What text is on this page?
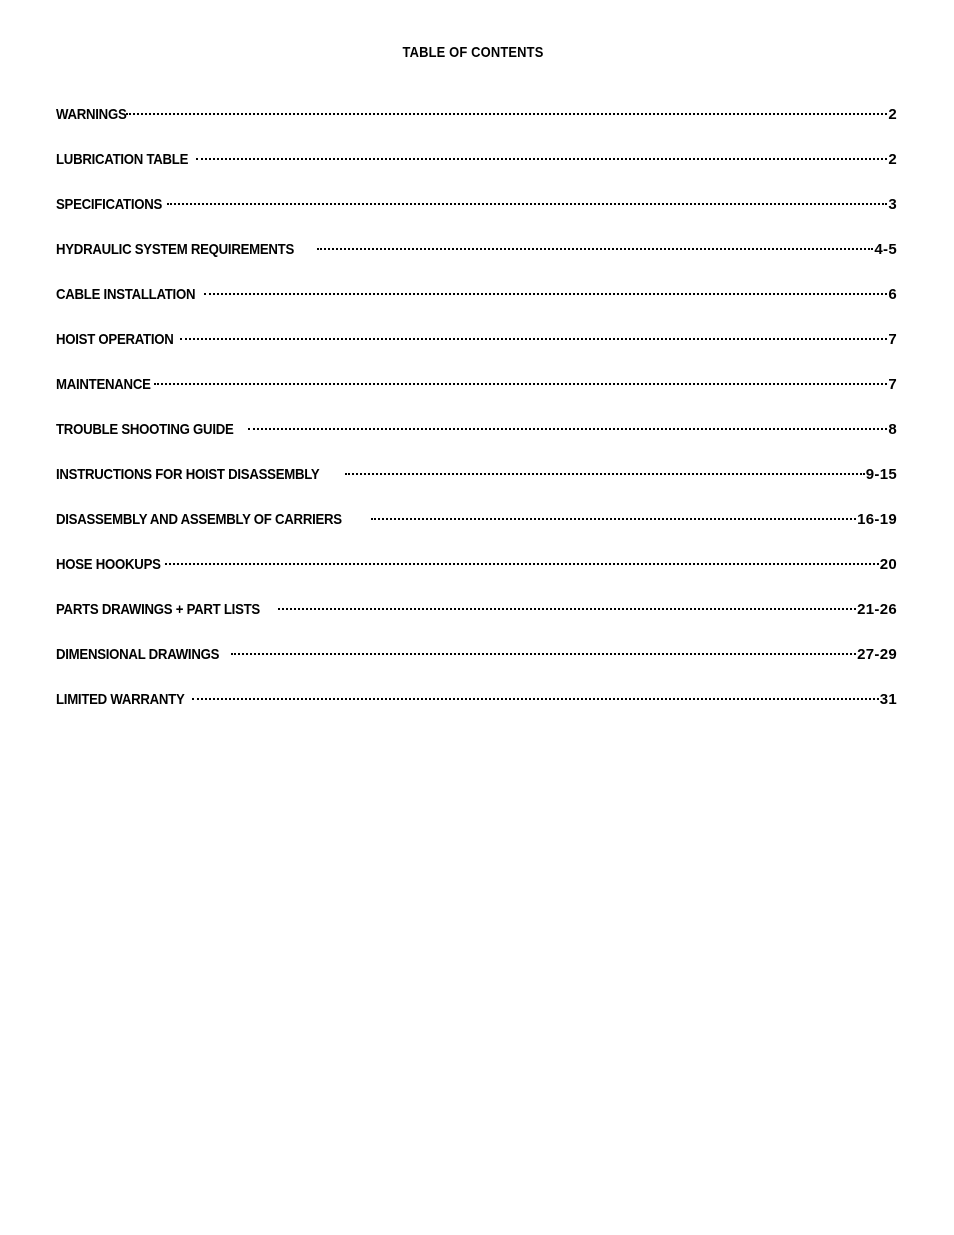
TABLE OF CONTENTS
WARNINGS	2
LUBRICATION TABLE	2
SPECIFICATIONS	3
HYDRAULIC SYSTEM REQUIREMENTS	4-5
CABLE INSTALLATION	6
HOIST OPERATION	7
MAINTENANCE	7
TROUBLE SHOOTING GUIDE	8
INSTRUCTIONS FOR HOIST DISASSEMBLY	9-15
DISASSEMBLY AND ASSEMBLY OF CARRIERS	16-19
HOSE HOOKUPS	20
PARTS DRAWINGS + PART LISTS	21-26
DIMENSIONAL DRAWINGS	27-29
LIMITED WARRANTY	31
